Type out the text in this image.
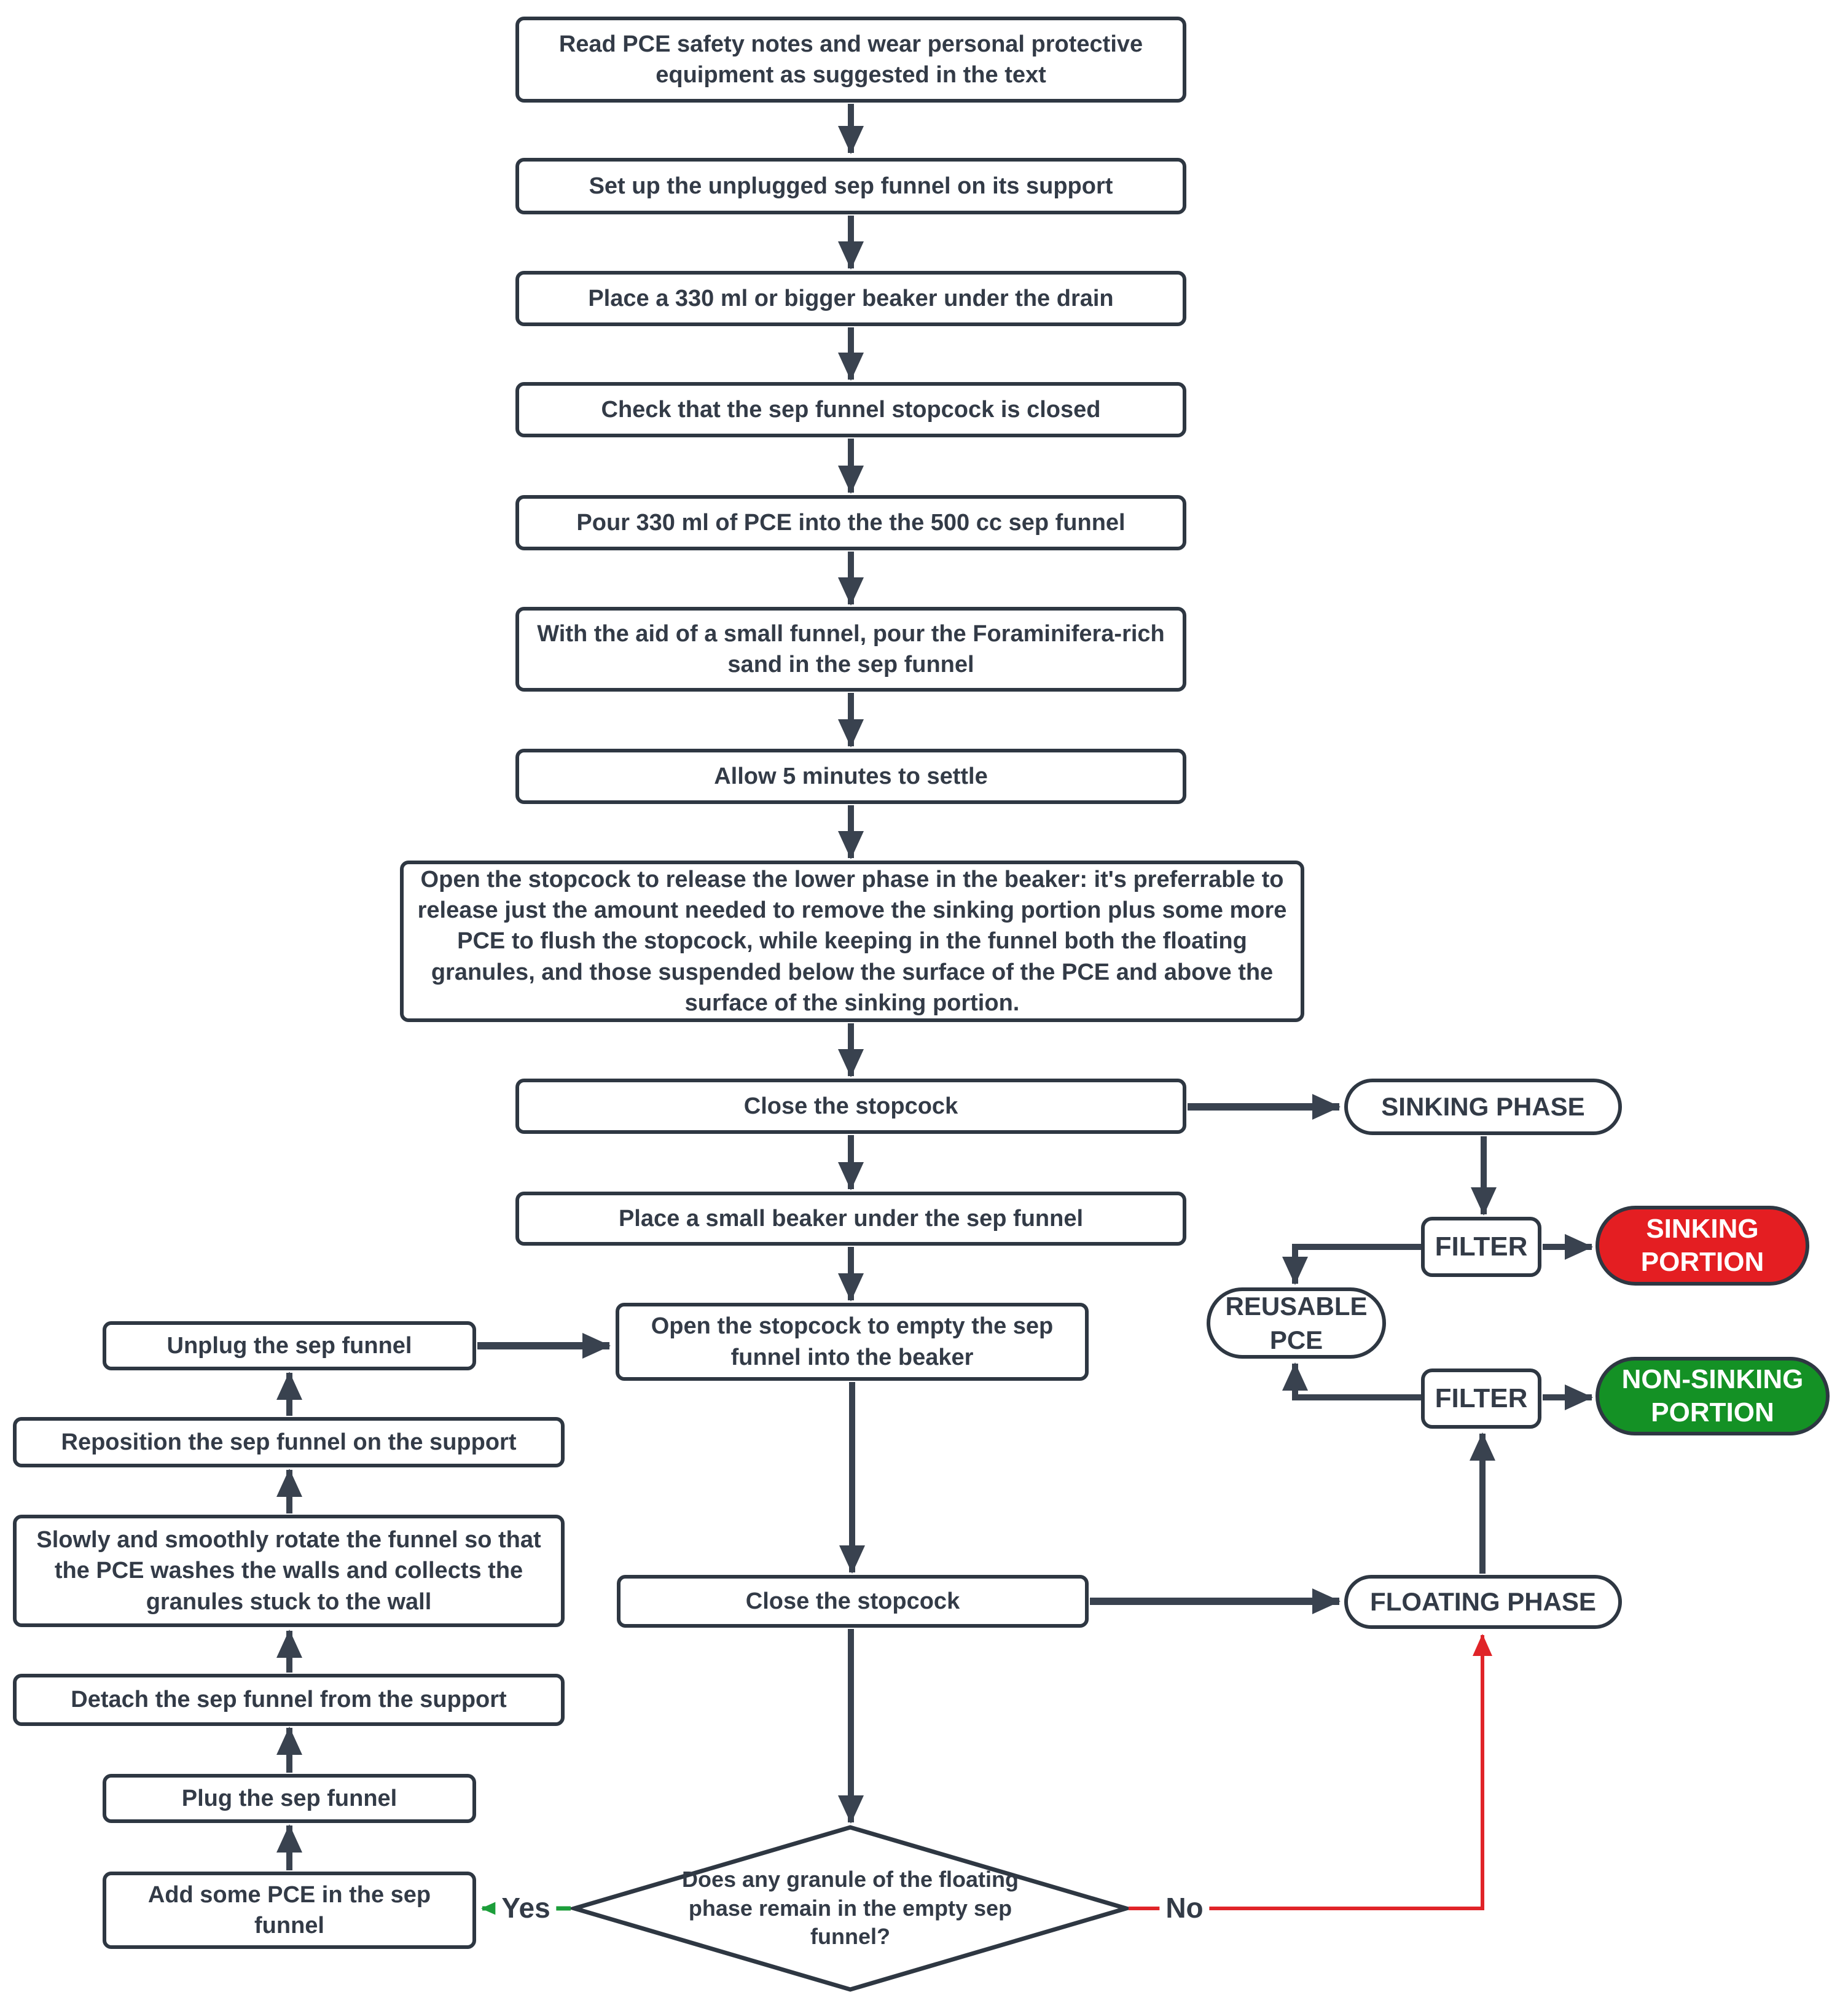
Read PCE safety notes and wear personal protective equipment as suggested in the text
Set up the unplugged sep funnel on its support
Place a 330 ml or bigger beaker under the drain
Check that the sep funnel stopcock is closed
Pour 330 ml of PCE into the the 500 cc sep funnel
With the aid of a small funnel, pour the Foraminifera-rich sand in the sep funnel
Allow 5 minutes to settle
Open the stopcock to release the lower phase in the beaker: it's preferrable to release just the amount needed to remove the sinking portion plus some more PCE to flush the stopcock, while keeping in the funnel both the floating granules, and those suspended below the surface of the PCE and above the surface of the sinking portion.
Close the stopcock	SINKING PHASE
Place a small beaker under the sep funnel
FILTER
SINKING PORTION
REUSABLE PCE
Open the stopcock to empty the sep funnel into the beaker
Unplug the sep funnel
FILTER
NON-SINKING PORTION
Reposition the sep funnel on the support
Slowly and smoothly rotate the funnel so that the PCE washes the walls and collects the granules stuck to the wall	Close the stopcock	FLOATING PHASE
Detach the sep funnel from the support
Plug the sep funnel
Add some PCE in the sep funnel
Does any granule of the floating phase remain in the empty sep funnel?
Yes	No
